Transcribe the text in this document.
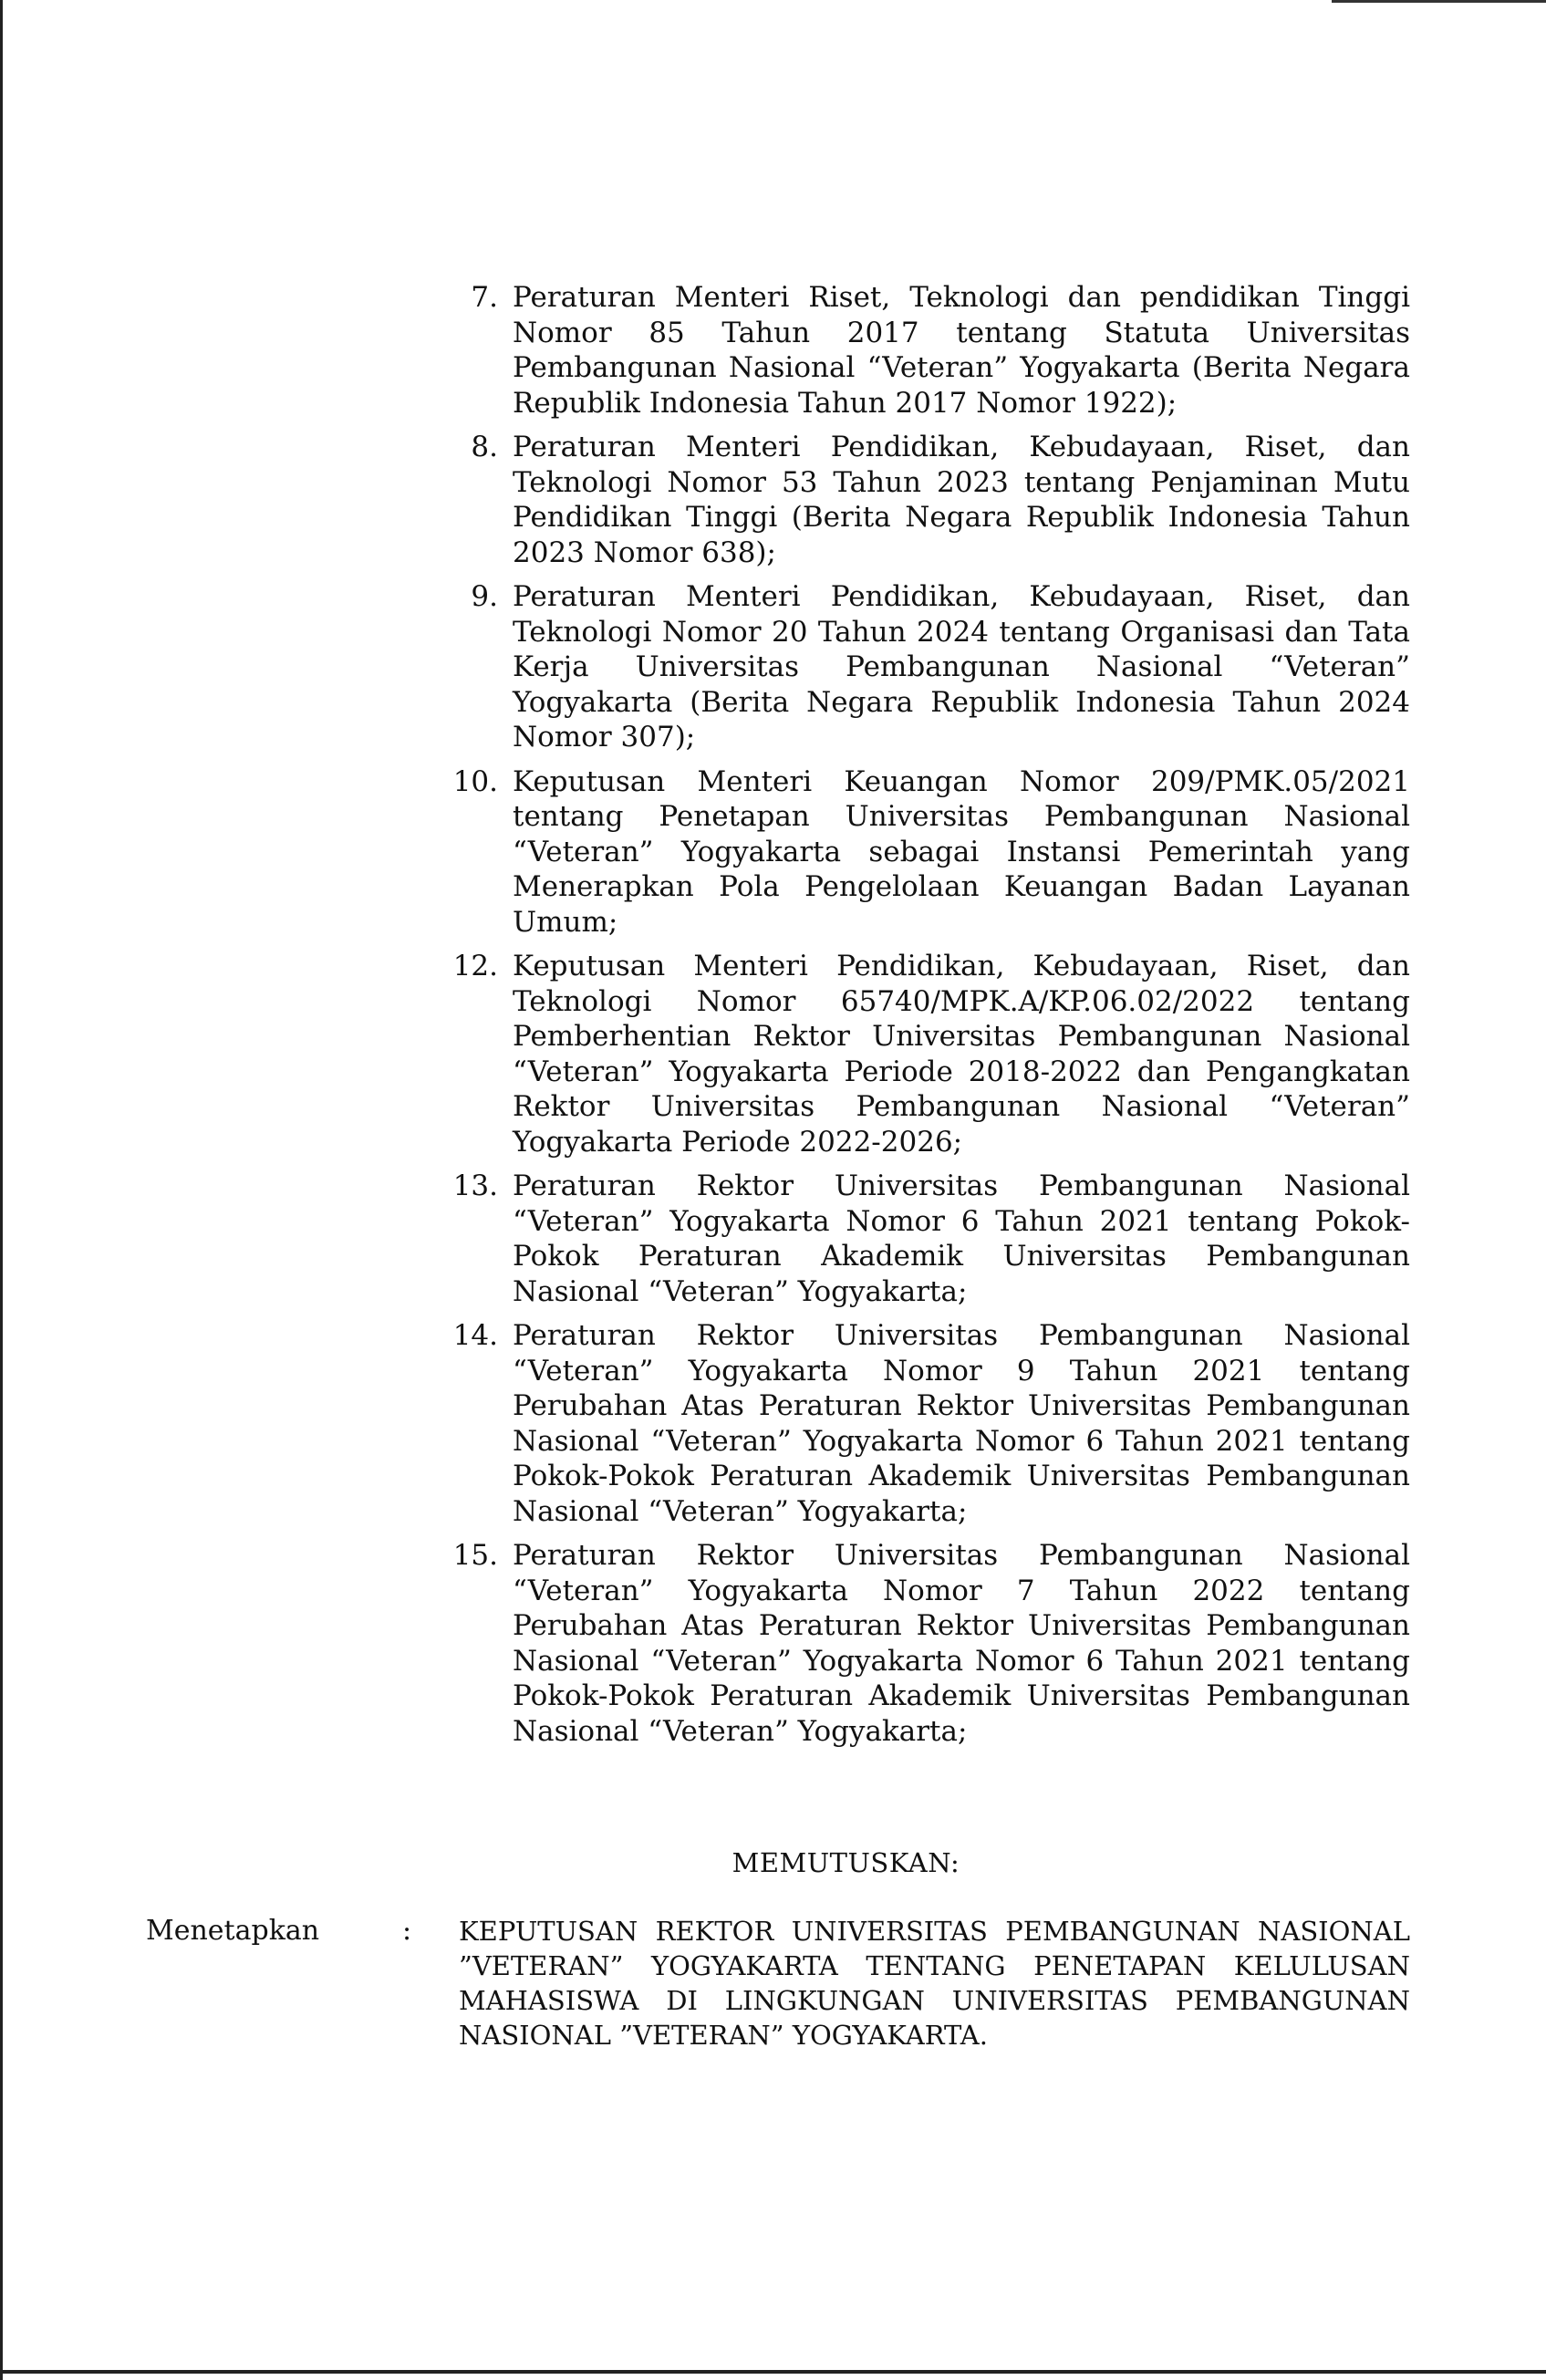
7. Peraturan Menteri Riset, Teknologi dan pendidikan Tinggi Nomor 85 Tahun 2017 tentang Statuta Universitas Pembangunan Nasional “Veteran” Yogyakarta (Berita Negara Republik Indonesia Tahun 2017 Nomor 1922);
8. Peraturan Menteri Pendidikan, Kebudayaan, Riset, dan Teknologi Nomor 53 Tahun 2023 tentang Penjaminan Mutu Pendidikan Tinggi (Berita Negara Republik Indonesia Tahun 2023 Nomor 638);
9. Peraturan Menteri Pendidikan, Kebudayaan, Riset, dan Teknologi Nomor 20 Tahun 2024 tentang Organisasi dan Tata Kerja Universitas Pembangunan Nasional “Veteran” Yogyakarta (Berita Negara Republik Indonesia Tahun 2024 Nomor 307);
10. Keputusan Menteri Keuangan Nomor 209/PMK.05/2021 tentang Penetapan Universitas Pembangunan Nasional “Veteran” Yogyakarta sebagai Instansi Pemerintah yang Menerapkan Pola Pengelolaan Keuangan Badan Layanan Umum;
12. Keputusan Menteri Pendidikan, Kebudayaan, Riset, dan Teknologi Nomor 65740/MPK.A/KP.06.02/2022 tentang Pemberhentian Rektor Universitas Pembangunan Nasional “Veteran” Yogyakarta Periode 2018-2022 dan Pengangkatan Rektor Universitas Pembangunan Nasional “Veteran” Yogyakarta Periode 2022-2026;
13. Peraturan Rektor Universitas Pembangunan Nasional “Veteran” Yogyakarta Nomor 6 Tahun 2021 tentang Pokok-Pokok Peraturan Akademik Universitas Pembangunan Nasional “Veteran” Yogyakarta;
14. Peraturan Rektor Universitas Pembangunan Nasional “Veteran” Yogyakarta Nomor 9 Tahun 2021 tentang Perubahan Atas Peraturan Rektor Universitas Pembangunan Nasional “Veteran” Yogyakarta Nomor 6 Tahun 2021 tentang Pokok-Pokok Peraturan Akademik Universitas Pembangunan Nasional “Veteran” Yogyakarta;
15. Peraturan Rektor Universitas Pembangunan Nasional “Veteran” Yogyakarta Nomor 7 Tahun 2022 tentang Perubahan Atas Peraturan Rektor Universitas Pembangunan Nasional “Veteran” Yogyakarta Nomor 6 Tahun 2021 tentang Pokok-Pokok Peraturan Akademik Universitas Pembangunan Nasional “Veteran” Yogyakarta;
MEMUTUSKAN:
Menetapkan	:	KEPUTUSAN REKTOR UNIVERSITAS PEMBANGUNAN NASIONAL ”VETERAN” YOGYAKARTA TENTANG PENETAPAN KELULUSAN MAHASISWA DI LINGKUNGAN UNIVERSITAS PEMBANGUNAN NASIONAL ”VETERAN” YOGYAKARTA.
